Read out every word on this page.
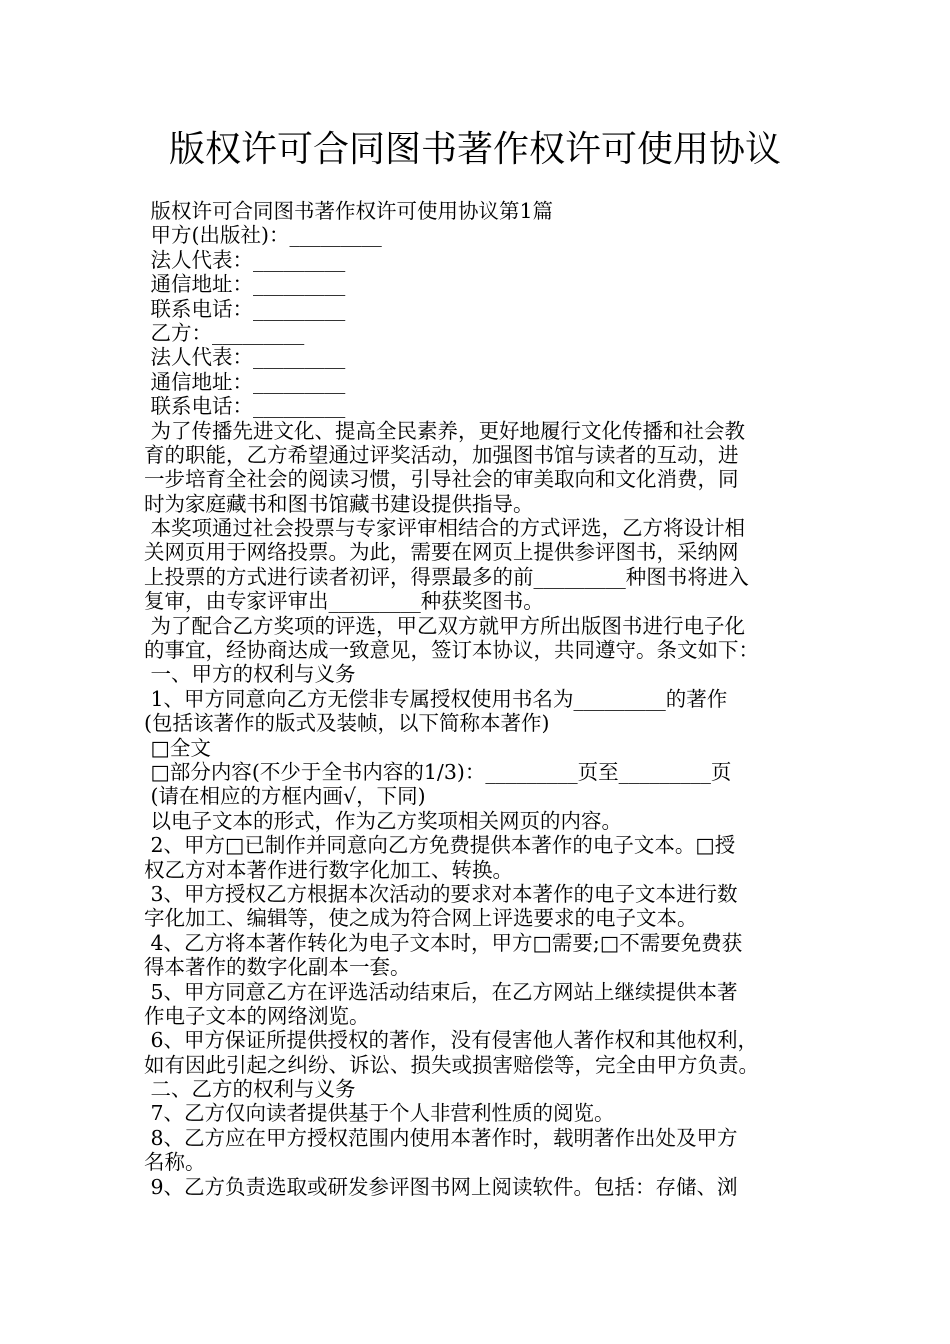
版权许可合同图书著作权许可使用协议
版权许可合同图书著作权许可使用协议第1篇
甲方(出版社)：_________
法人代表：_________
通信地址：_________
联系电话：_________
乙方：_________
法人代表：_________
通信地址：_________
联系电话：_________
为了传播先进文化、提高全民素养，更好地履行文化传播和社会教
育的职能，乙方希望通过评奖活动，加强图书馆与读者的互动，进
一步培育全社会的阅读习惯，引导社会的审美取向和文化消费，同
时为家庭藏书和图书馆藏书建设提供指导。
本奖项通过社会投票与专家评审相结合的方式评选，乙方将设计相
关网页用于网络投票。为此，需要在网页上提供参评图书，采纳网
上投票的方式进行读者初评，得票最多的前_________种图书将进入
复审，由专家评审出_________种获奖图书。
为了配合乙方奖项的评选，甲乙双方就甲方所出版图书进行电子化
的事宜，经协商达成一致意见，签订本协议，共同遵守。条文如下：
一、甲方的权利与义务
1、甲方同意向乙方无偿非专属授权使用书名为_________的著作
(包括该著作的版式及装帧，以下简称本著作)
□全文
□部分内容(不少于全书内容的1/3)：_________页至_________页
(请在相应的方框内画√，下同)
以电子文本的形式，作为乙方奖项相关网页的内容。
2、甲方□已制作并同意向乙方免费提供本著作的电子文本。□授
权乙方对本著作进行数字化加工、转换。
3、甲方授权乙方根据本次活动的要求对本著作的电子文本进行数
字化加工、编辑等，使之成为符合网上评选要求的电子文本。
4、乙方将本著作转化为电子文本时，甲方□需要;□不需要免费获
得本著作的数字化副本一套。
5、甲方同意乙方在评选活动结束后，在乙方网站上继续提供本著
作电子文本的网络浏览。
6、甲方保证所提供授权的著作，没有侵害他人著作权和其他权利，
如有因此引起之纠纷、诉讼、损失或损害赔偿等，完全由甲方负责。
二、乙方的权利与义务
7、乙方仅向读者提供基于个人非营利性质的阅览。
8、乙方应在甲方授权范围内使用本著作时，载明著作出处及甲方
名称。
9、乙方负责选取或研发参评图书网上阅读软件。包括：存储、浏
